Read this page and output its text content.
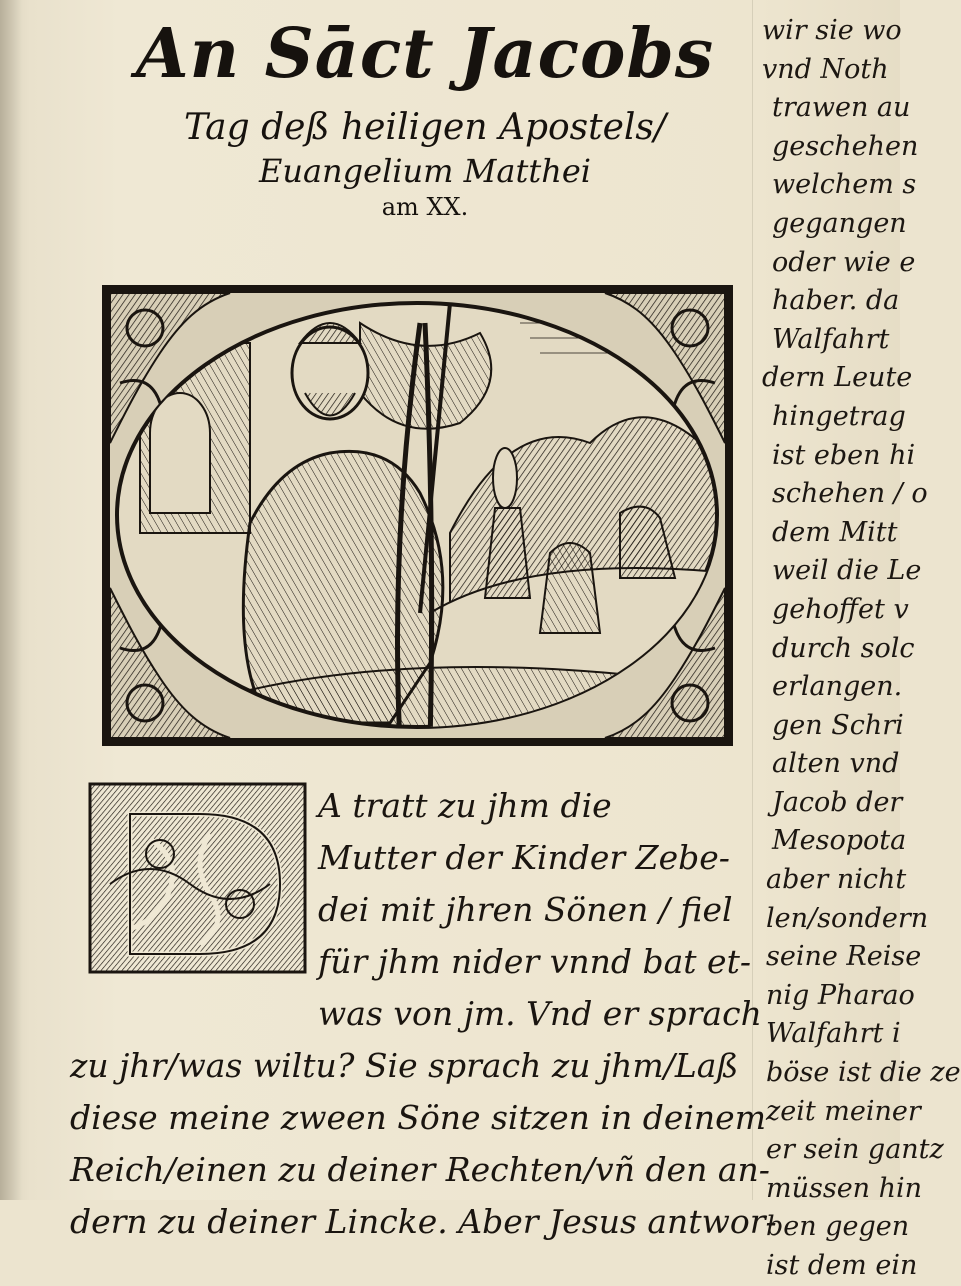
An Sāct Jacobs
Tag deß heiligen Apostels/
Euangelium Matthei
am XX.
A tratt zu jhm die
Mutter der Kinder Zebe-
dei mit jhren Sönen / fiel
für jhm nider vnnd bat et-
was von jm. Vnd er sprach
zu jhr/was wiltu? Sie sprach zu jhm/Laß
diese meine zween Söne sitzen in deinem
Reich/einen zu deiner Rechten/vñ den an-
dern zu deiner Lincke. Aber Jesus antwor-
wir sie wo
vnd Noth
trawen au
geschehen
welchem s
gegangen
oder wie e
haber. da
Walfahrt
dern Leute
hingetrag
ist eben hi
schehen / o
dem Mitt
weil die Le
gehoffet v
durch solc
erlangen.
gen Schri
alten vnd
Jacob der
Mesopota
aber nicht
len/sondern
seine Reise
nig Pharao
Walfahrt i
böse ist die ze
zeit meiner
er sein gantz
müssen hin
ben gegen
ist dem ein
